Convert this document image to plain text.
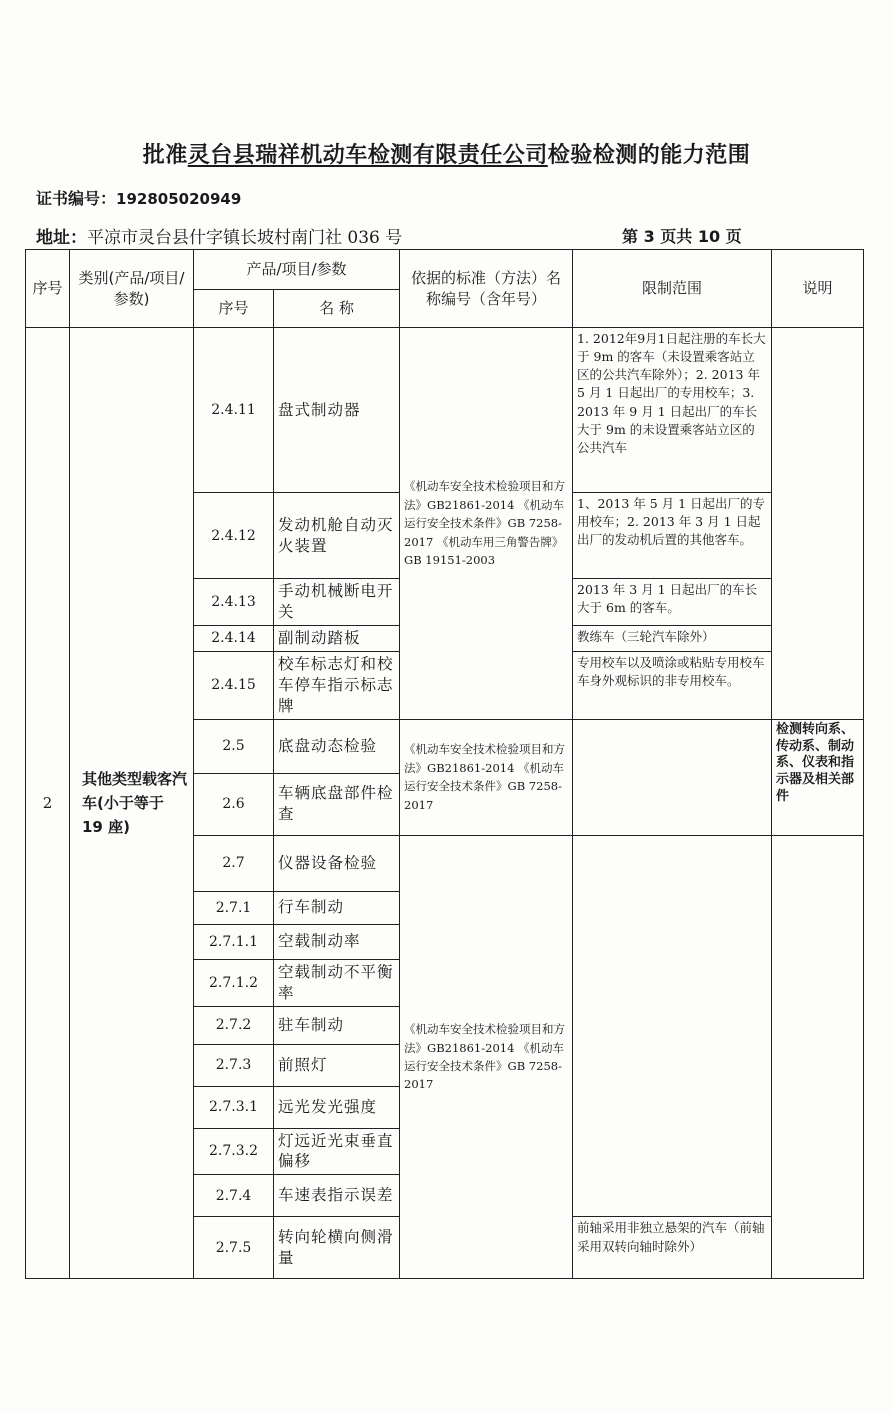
批准灵台县瑞祥机动车检测有限责任公司检验检测的能力范围
证书编号：192805020949
地址：平凉市灵台县什字镇长坡村南门社 036 号	第 3 页共 10 页
序号	类别(产品/项目/参数)	产品/项目/参数		依据的标准（方法）名称编号（含年号）	限制范围	说明
		序号	名 称			
2	其他类型载客汽车(小于等于 19 座)	2.4.11	盘式制动器	《机动车安全技术检验项目和方法》GB21861-2014 《机动车运行安全技术条件》GB 7258-2017 《机动车用三角警告牌》 GB 19151-2003	1. 2012年9月1日起注册的车长大于 9m 的客车（未设置乘客站立区的公共汽车除外）；2. 2013 年 5 月 1 日起出厂的专用校车；3. 2013 年 9 月 1 日起出厂的车长大于 9m 的未设置乘客站立区的公共汽车	
		2.4.12	发动机舱自动灭火装置		1、2013 年 5 月 1 日起出厂的专用校车；2. 2013 年 3 月 1 日起出厂的发动机后置的其他客车。	
		2.4.13	手动机械断电开关		2013 年 3 月 1 日起出厂的车长大于 6m 的客车。	
		2.4.14	副制动踏板		教练车（三轮汽车除外）	
		2.4.15	校车标志灯和校车停车指示标志牌		专用校车以及喷涂或粘贴专用校车车身外观标识的非专用校车。	
		2.5	底盘动态检验	《机动车安全技术检验项目和方法》GB21861-2014 《机动车运行安全技术条件》GB 7258-2017		检测转向系、传动系、制动系、仪表和指示器及相关部件
		2.6	车辆底盘部件检查			
		2.7	仪器设备检验	《机动车安全技术检验项目和方法》GB21861-2014 《机动车运行安全技术条件》GB 7258-2017		
		2.7.1	行车制动			
		2.7.1.1	空载制动率			
		2.7.1.2	空载制动不平衡率			
		2.7.2	驻车制动			
		2.7.3	前照灯			
		2.7.3.1	远光发光强度			
		2.7.3.2	灯远近光束垂直偏移			
		2.7.4	车速表指示误差			
		2.7.5	转向轮横向侧滑量		前轴采用非独立悬架的汽车（前轴采用双转向轴时除外）	
